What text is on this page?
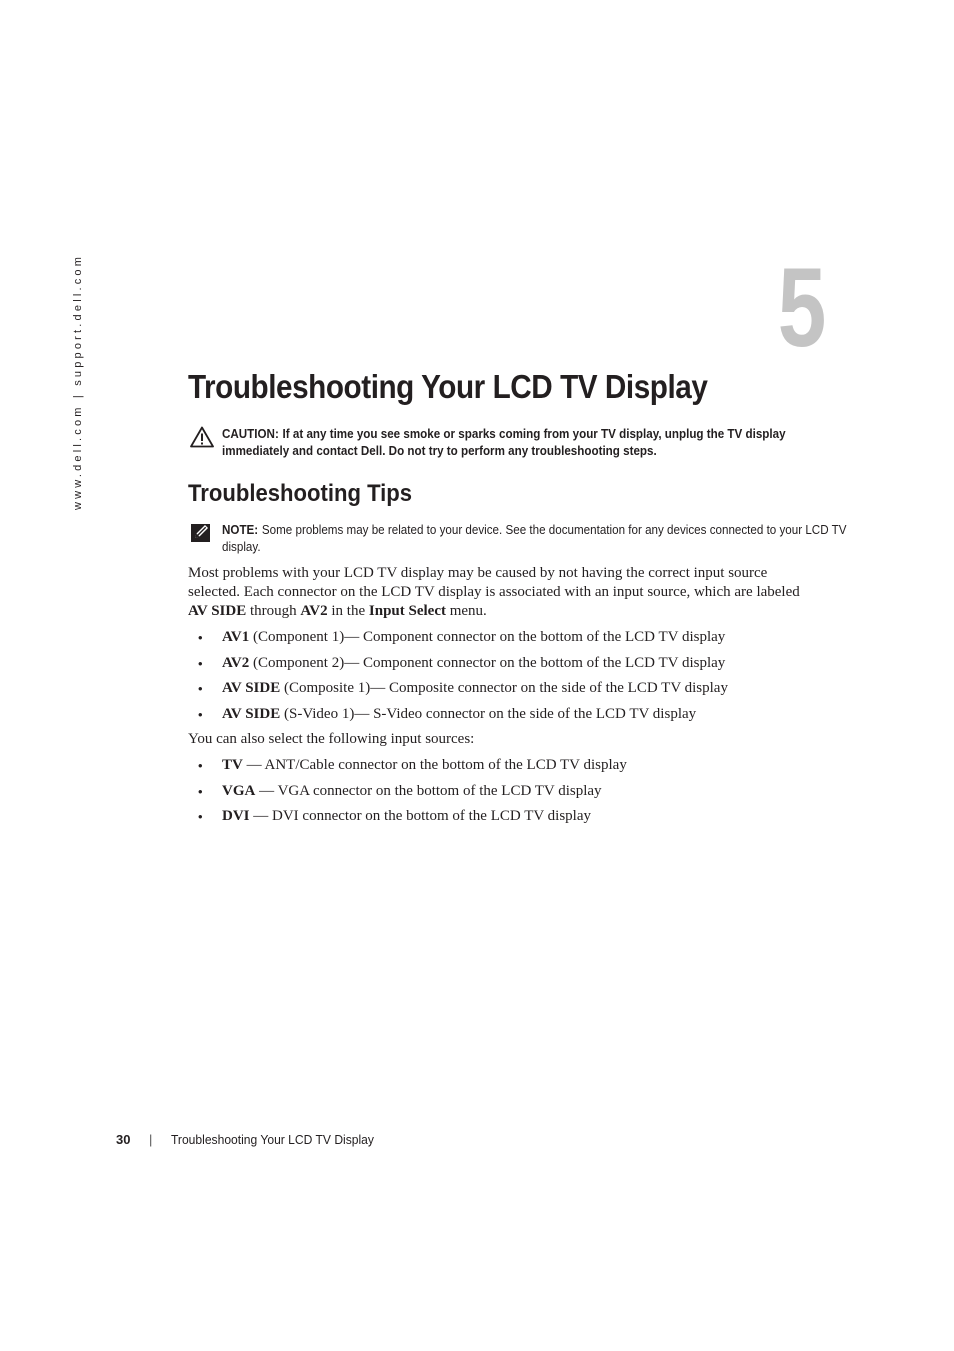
www.dell.com | support.dell.com	5
Troubleshooting Your LCD TV Display
CAUTION: If at any time you see smoke or sparks coming from your TV display, unplug the TV display immediately and contact Dell. Do not try to perform any troubleshooting steps.
Troubleshooting Tips
NOTE: Some problems may be related to your device. See the documentation for any devices connected to your LCD TV display.

Most problems with your LCD TV display may be caused by not having the correct input source selected. Each connector on the LCD TV display is associated with an input source, which are labeled AV SIDE through AV2 in the Input Select menu.

• AV1 (Component 1)— Component connector on the bottom of the LCD TV display
• AV2 (Component 2)— Component connector on the bottom of the LCD TV display
• AV SIDE (Composite 1)— Composite connector on the side of the LCD TV display
• AV SIDE (S-Video 1)— S-Video connector on the side of the LCD TV display

You can also select the following input sources:

• TV — ANT/Cable connector on the bottom of the LCD TV display
• VGA — VGA connector on the bottom of the LCD TV display
• DVI — DVI connector on the bottom of the LCD TV display
30 | Troubleshooting Your LCD TV Display
